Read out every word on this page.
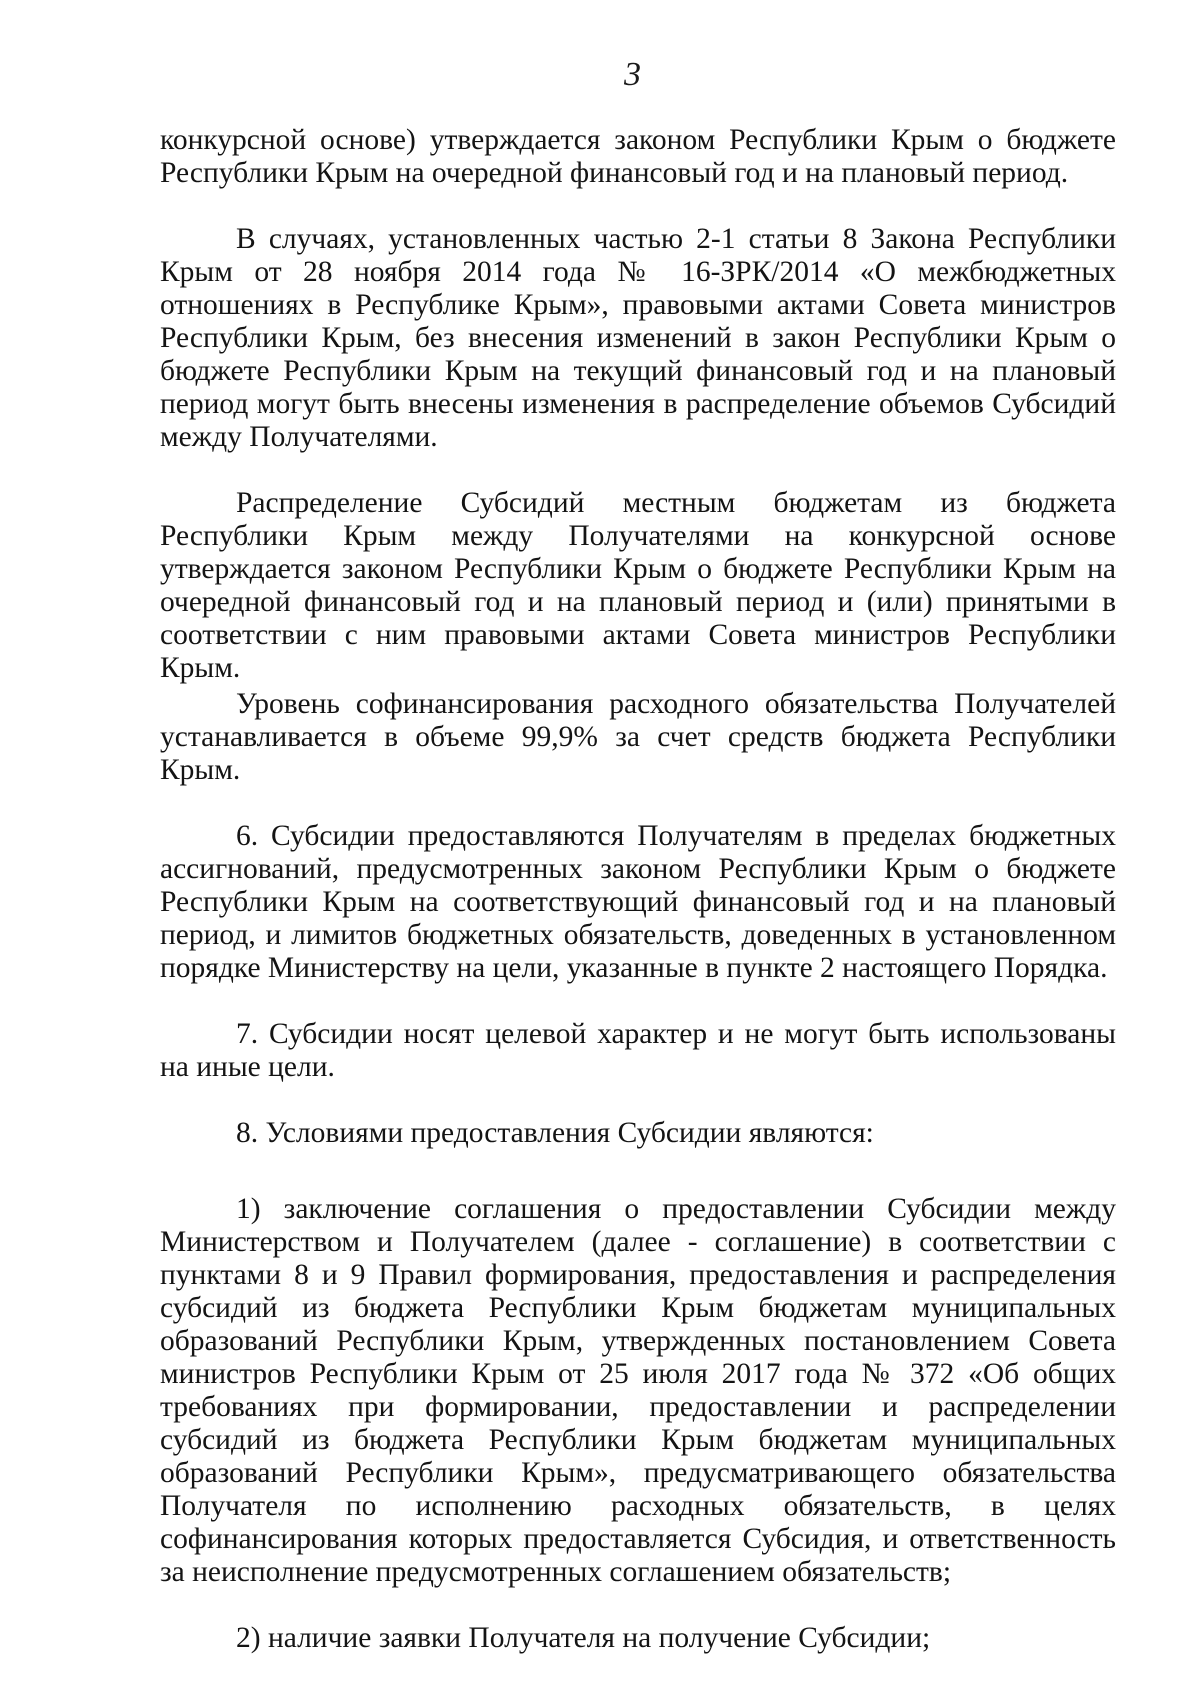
3

конкурсной основе) утверждается законом Республики Крым о бюджете Республики Крым на очередной финансовый год и на плановый период.

В случаях, установленных частью 2-1 статьи 8 Закона Республики Крым от 28 ноября 2014 года № 16-ЗРК/2014 «О межбюджетных отношениях в Республике Крым», правовыми актами Совета министров Республики Крым, без внесения изменений в закон Республики Крым о бюджете Республики Крым на текущий финансовый год и на плановый период могут быть внесены изменения в распределение объемов Субсидий между Получателями.

Распределение Субсидий местным бюджетам из бюджета Республики Крым между Получателями на конкурсной основе утверждается законом Республики Крым о бюджете Республики Крым на очередной финансовый год и на плановый период и (или) принятыми в соответствии с ним правовыми актами Совета министров Республики Крым.

Уровень софинансирования расходного обязательства Получателей устанавливается в объеме 99,9% за счет средств бюджета Республики Крым.

6. Субсидии предоставляются Получателям в пределах бюджетных ассигнований, предусмотренных законом Республики Крым о бюджете Республики Крым на соответствующий финансовый год и на плановый период, и лимитов бюджетных обязательств, доведенных в установленном порядке Министерству на цели, указанные в пункте 2 настоящего Порядка.

7. Субсидии носят целевой характер и не могут быть использованы на иные цели.

8. Условиями предоставления Субсидии являются:

1) заключение соглашения о предоставлении Субсидии между Министерством и Получателем (далее - соглашение) в соответствии с пунктами 8 и 9 Правил формирования, предоставления и распределения субсидий из бюджета Республики Крым бюджетам муниципальных образований Республики Крым, утвержденных постановлением Совета министров Республики Крым от 25 июля 2017 года № 372 «Об общих требованиях при формировании, предоставлении и распределении субсидий из бюджета Республики Крым бюджетам муниципальных образований Республики Крым», предусматривающего обязательства Получателя по исполнению расходных обязательств, в целях софинансирования которых предоставляется Субсидия, и ответственность за неисполнение предусмотренных соглашением обязательств;

2) наличие заявки Получателя на получение Субсидии;
